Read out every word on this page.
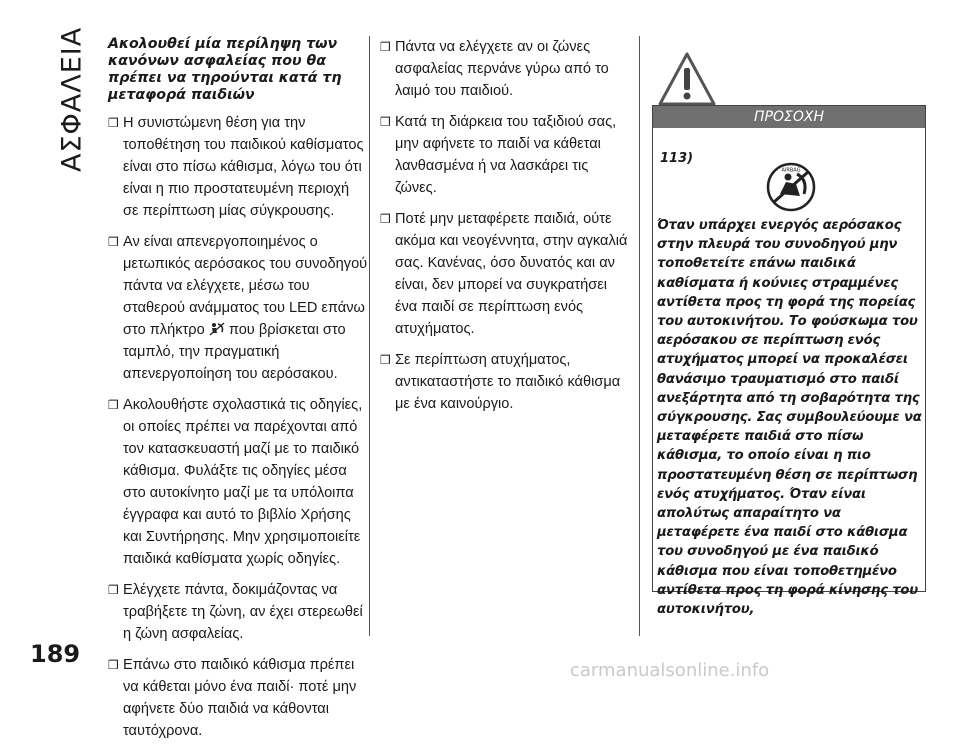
ΑΣΦΑΛΕΙΑ
189
Ακολουθεί μία περίληψη των κανόνων ασφαλείας που θα πρέπει να τηρούνται κατά τη μεταφορά παιδιών
❒ Η συνιστώμενη θέση για την τοποθέτηση του παιδικού καθίσματος είναι στο πίσω κάθισμα, λόγω του ότι είναι η πιο προστατευμένη περιοχή σε περίπτωση μίας σύγκρουσης.
❒ Αν είναι απενεργοποιημένος ο μετωπικός αερόσακος του συνοδηγού πάντα να ελέγχετε, μέσω του σταθερού ανάμματος του LED επάνω στο πλήκτρο που βρίσκεται στο ταμπλό, την πραγματική απενεργοποίηση του αερόσακου.
❒ Ακολουθήστε σχολαστικά τις οδηγίες, οι οποίες πρέπει να παρέχονται από τον κατασκευαστή μαζί με το παιδικό κάθισμα. Φυλάξτε τις οδηγίες μέσα στο αυτοκίνητο μαζί με τα υπόλοιπα έγγραφα και αυτό το βιβλίο Χρήσης και Συντήρησης. Μην χρησιμοποιείτε παιδικά καθίσματα χωρίς οδηγίες.
❒ Ελέγχετε πάντα, δοκιμάζοντας να τραβήξετε τη ζώνη, αν έχει στερεωθεί η ζώνη ασφαλείας.
❒ Επάνω στο παιδικό κάθισμα πρέπει να κάθεται μόνο ένα παιδί· ποτέ μην αφήνετε δύο παιδιά να κάθονται ταυτόχρονα.
❒ Πάντα να ελέγχετε αν οι ζώνες ασφαλείας περνάνε γύρω από το λαιμό του παιδιού.
❒ Κατά τη διάρκεια του ταξιδιού σας, μην αφήνετε το παιδί να κάθεται λανθασμένα ή να λασκάρει τις ζώνες.
❒ Ποτέ μην μεταφέρετε παιδιά, ούτε ακόμα και νεογέννητα, στην αγκαλιά σας. Κανένας, όσο δυνατός και αν είναι, δεν μπορεί να συγκρατήσει ένα παιδί σε περίπτωση ενός ατυχήματος.
❒ Σε περίπτωση ατυχήματος, αντικαταστήστε το παιδικό κάθισμα με ένα καινούργιο.
ΠΡΟΣΟΧΗ
113)
AIRBAG
Όταν υπάρχει ενεργός αερόσακος στην πλευρά του συνοδηγού μην τοποθετείτε επάνω παιδικά καθίσματα ή κούνιες στραμμένες αντίθετα προς τη φορά της πορείας του αυτοκινήτου. Το φούσκωμα του αερόσακου σε περίπτωση ενός ατυχήματος μπορεί να προκαλέσει θανάσιμο τραυματισμό στο παιδί ανεξάρτητα από τη σοβαρότητα της σύγκρουσης. Σας συμβουλεύουμε να μεταφέρετε παιδιά στο πίσω κάθισμα, το οποίο είναι η πιο προστατευμένη θέση σε περίπτωση ενός ατυχήματος. Όταν είναι απολύτως απαραίτητο να μεταφέρετε ένα παιδί στο κάθισμα του συνοδηγού με ένα παιδικό κάθισμα που είναι τοποθετημένο αντίθετα προς τη φορά κίνησης του αυτοκινήτου,
carmanualsonline.info
